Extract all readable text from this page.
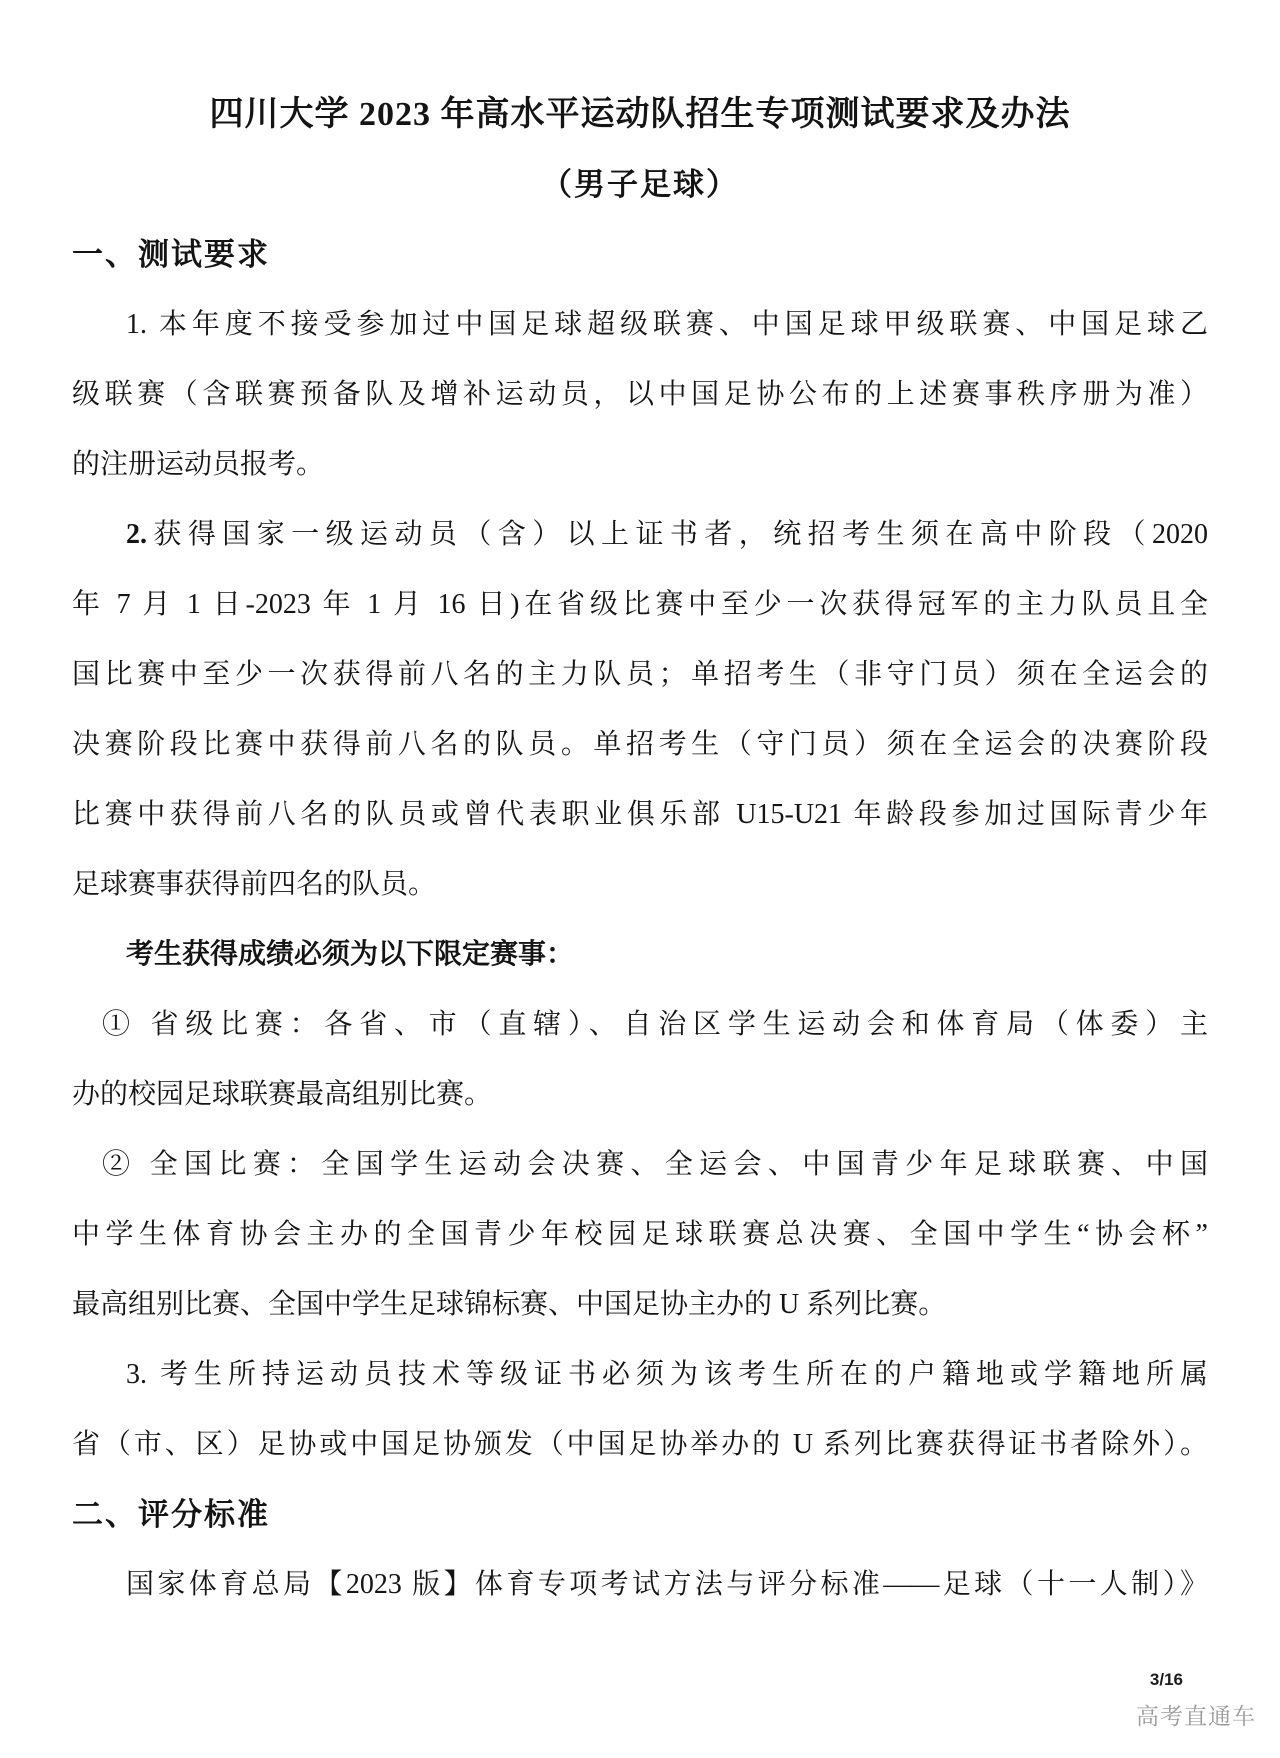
四川大学 2023 年高水平运动队招生专项测试要求及办法
（男子足球）
一、测试要求
1. 本年度不接受参加过中国足球超级联赛、中国足球甲级联赛、中国足球乙
级联赛（含联赛预备队及增补运动员，以中国足协公布的上述赛事秩序册为准）
的注册运动员报考。
2.获得国家一级运动员（含）以上证书者，统招考生须在高中阶段（2020
年 7 月 1 日-2023 年 1 月 16 日)在省级比赛中至少一次获得冠军的主力队员且全
国比赛中至少一次获得前八名的主力队员；单招考生（非守门员）须在全运会的
决赛阶段比赛中获得前八名的队员。单招考生（守门员）须在全运会的决赛阶段
比赛中获得前八名的队员或曾代表职业俱乐部 U15-U21 年龄段参加过国际青少年
足球赛事获得前四名的队员。
考生获得成绩必须为以下限定赛事：
① 省级比赛：各省、市（直辖）、自治区学生运动会和体育局（体委）主
办的校园足球联赛最高组别比赛。
② 全国比赛：全国学生运动会决赛、全运会、中国青少年足球联赛、中国
中学生体育协会主办的全国青少年校园足球联赛总决赛、全国中学生“协会杯”
最高组别比赛、全国中学生足球锦标赛、中国足协主办的 U 系列比赛。
3. 考生所持运动员技术等级证书必须为该考生所在的户籍地或学籍地所属
省（市、区）足协或中国足协颁发（中国足协举办的 U 系列比赛获得证书者除外）。
二、评分标准
国家体育总局【2023 版】体育专项考试方法与评分标准——足球（十一人制）》
3/16
高考直通车
